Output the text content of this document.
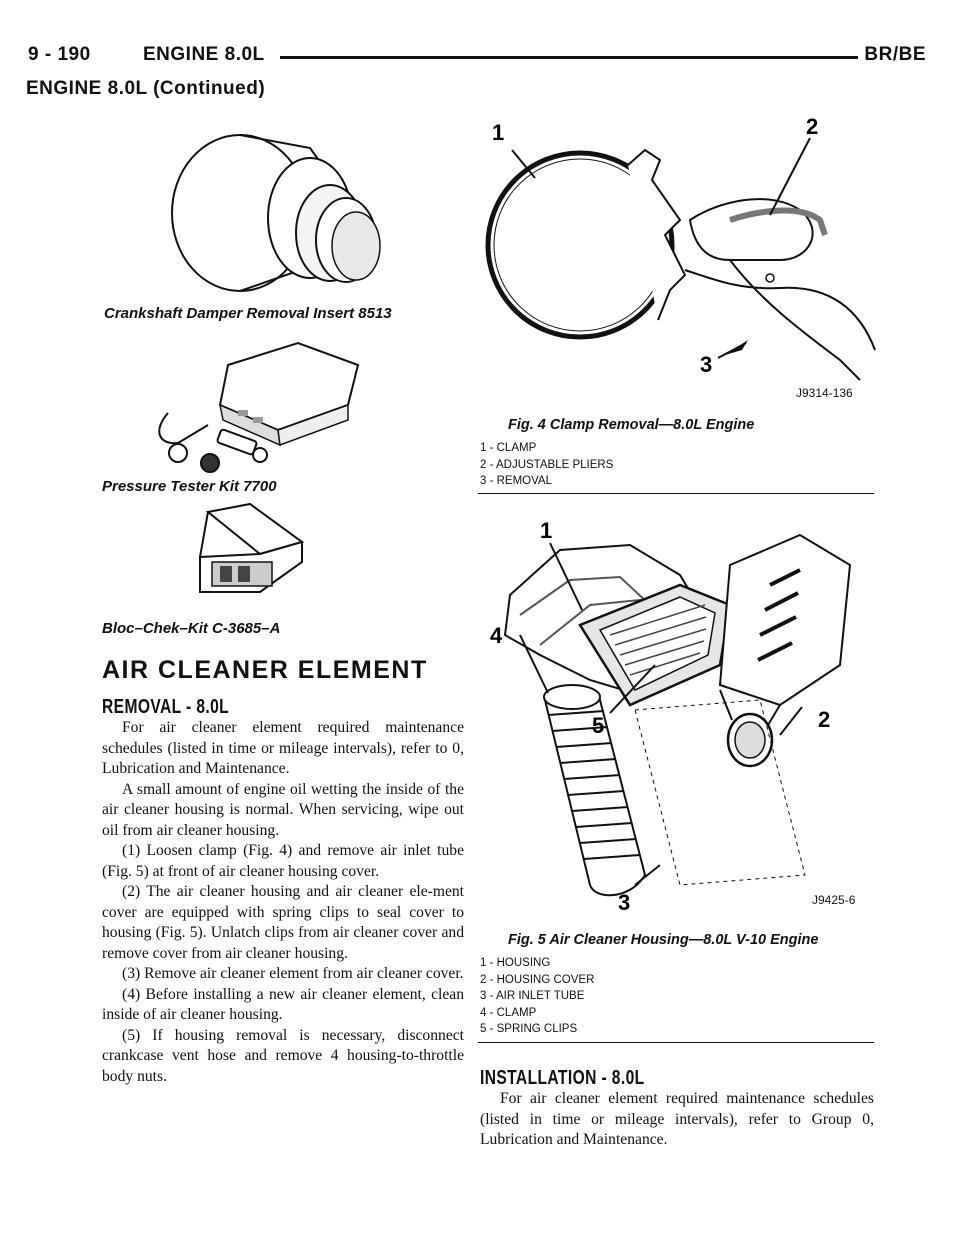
9 - 190	ENGINE 8.0L	BR/BE
ENGINE 8.0L (Continued)
Crankshaft Damper Removal Insert 8513
Pressure Tester Kit 7700
Bloc–Chek–Kit C-3685–A
AIR CLEANER ELEMENT
REMOVAL - 8.0L

For air cleaner element required maintenance schedules (listed in time or mileage intervals), refer to 0, Lubrication and Maintenance.

A small amount of engine oil wetting the inside of the air cleaner housing is normal. When servicing, wipe out oil from air cleaner housing.

(1) Loosen clamp (Fig. 4) and remove air inlet tube (Fig. 5) at front of air cleaner housing cover.

(2) The air cleaner housing and air cleaner ele-ment cover are equipped with spring clips to seal cover to housing (Fig. 5). Unlatch clips from air cleaner cover and remove cover from air cleaner housing.

(3) Remove air cleaner element from air cleaner cover.

(4) Before installing a new air cleaner element, clean inside of air cleaner housing.

(5) If housing removal is necessary, disconnect crankcase vent hose and remove 4 housing-to-throttle body nuts.

1	2
3
J9314-136
Fig. 4 Clamp Removal—8.0L Engine
1 - CLAMP
2 - ADJUSTABLE PLIERS
3 - REMOVAL
1
2
3
4
5
J9425-6
Fig. 5 Air Cleaner Housing—8.0L V-10 Engine
1 - HOUSING
2 - HOUSING COVER
3 - AIR INLET TUBE
4 - CLAMP
5 - SPRING CLIPS
INSTALLATION - 8.0L

For air cleaner element required maintenance schedules (listed in time or mileage intervals), refer to Group 0, Lubrication and Maintenance.
